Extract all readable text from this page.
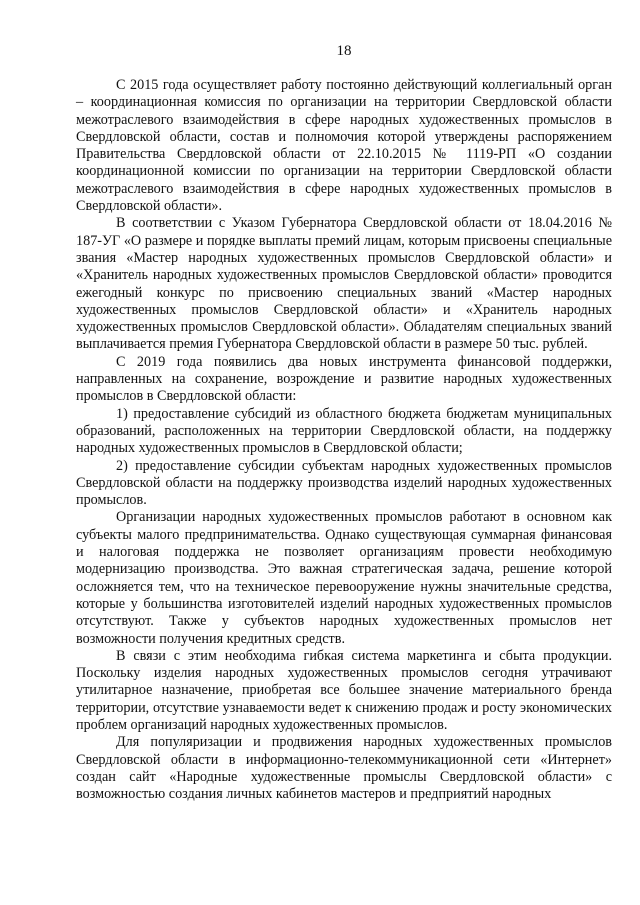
18

С 2015 года осуществляет работу постоянно действующий коллегиальный орган – координационная комиссия по организации на территории Свердловской области межотраслевого взаимодействия в сфере народных художественных промыслов в Свердловской области, состав и полномочия которой утверждены распоряжением Правительства Свердловской области от 22.10.2015 № 1119-РП «О создании координационной комиссии по организации на территории Свердловской области межотраслевого взаимодействия в сфере народных художественных промыслов в Свердловской области».

В соответствии с Указом Губернатора Свердловской области от 18.04.2016 № 187-УГ «О размере и порядке выплаты премий лицам, которым присвоены специальные звания «Мастер народных художественных промыслов Свердловской области» и «Хранитель народных художественных промыслов Свердловской области» проводится ежегодный конкурс по присвоению специальных званий «Мастер народных художественных промыслов Свердловской области» и «Хранитель народных художественных промыслов Свердловской области». Обладателям специальных званий выплачивается премия Губернатора Свердловской области в размере 50 тыс. рублей.

С 2019 года появились два новых инструмента финансовой поддержки, направленных на сохранение, возрождение и развитие народных художественных промыслов в Свердловской области:

1) предоставление субсидий из областного бюджета бюджетам муниципальных образований, расположенных на территории Свердловской области, на поддержку народных художественных промыслов в Свердловской области;

2) предоставление субсидии субъектам народных художественных промыслов Свердловской области на поддержку производства изделий народных художественных промыслов.

Организации народных художественных промыслов работают в основном как субъекты малого предпринимательства. Однако существующая суммарная финансовая и налоговая поддержка не позволяет организациям провести необходимую модернизацию производства. Это важная стратегическая задача, решение которой осложняется тем, что на техническое перевооружение нужны значительные средства, которые у большинства изготовителей изделий народных художественных промыслов отсутствуют. Также у субъектов народных художественных промыслов нет возможности получения кредитных средств.

В связи с этим необходима гибкая система маркетинга и сбыта продукции. Поскольку изделия народных художественных промыслов сегодня утрачивают утилитарное назначение, приобретая все большее значение материального бренда территории, отсутствие узнаваемости ведет к снижению продаж и росту экономических проблем организаций народных художественных промыслов.

Для популяризации и продвижения народных художественных промыслов Свердловской области в информационно-телекоммуникационной сети «Интернет» создан сайт «Народные художественные промыслы Свердловской области» с возможностью создания личных кабинетов мастеров и предприятий народных
